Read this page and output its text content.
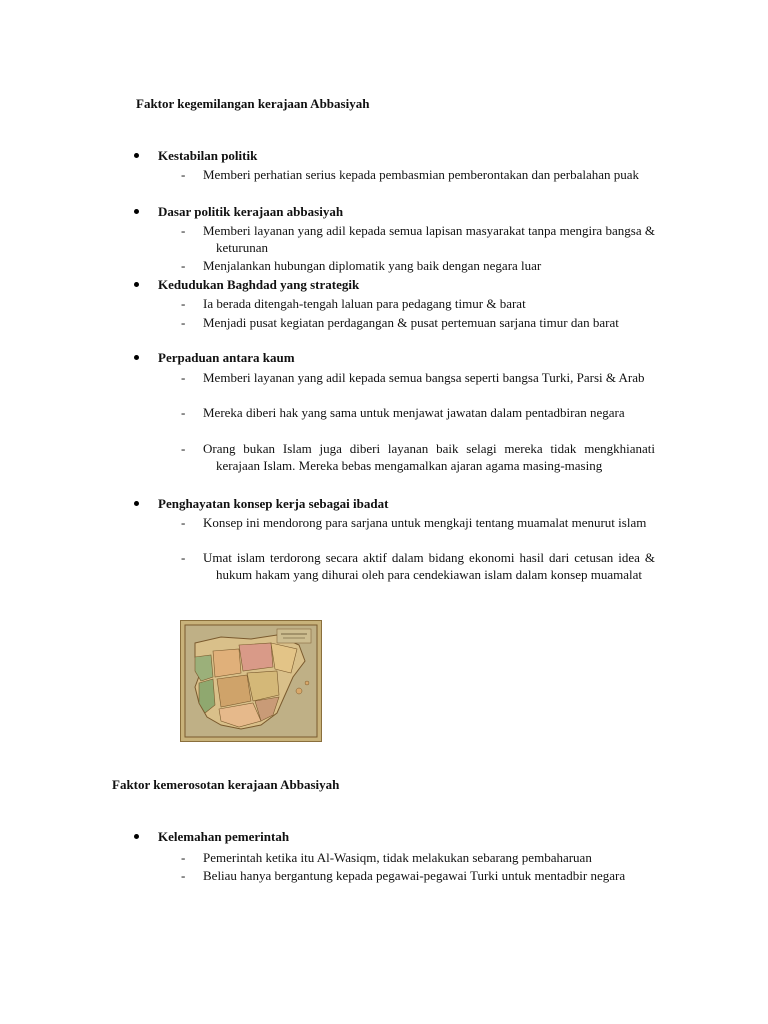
Faktor kegemilangan kerajaan Abbasiyah
Kestabilan politik
-	Memberi perhatian serius kepada pembasmian pemberontakan dan perbalahan puak
Dasar politik kerajaan abbasiyah
-	Memberi layanan yang adil kepada semua lapisan masyarakat tanpa mengira bangsa & keturunan
-	Menjalankan hubungan diplomatik yang baik dengan negara luar
Kedudukan Baghdad yang strategik
-	Ia berada ditengah-tengah laluan para pedagang timur & barat
-	Menjadi pusat kegiatan perdagangan & pusat pertemuan sarjana timur dan barat
Perpaduan antara kaum
-	Memberi layanan yang adil kepada semua bangsa seperti bangsa Turki, Parsi & Arab
-	Mereka diberi hak yang sama untuk menjawat jawatan dalam pentadbiran negara
-	Orang bukan Islam juga diberi layanan baik selagi mereka tidak mengkhianati kerajaan Islam. Mereka bebas mengamalkan ajaran agama masing-masing
Penghayatan konsep kerja sebagai ibadat
-	Konsep ini mendorong para sarjana untuk mengkaji tentang muamalat menurut islam
-	Umat islam terdorong secara aktif dalam bidang ekonomi hasil dari cetusan idea & hukum hakam yang dihurai oleh para cendekiawan islam dalam konsep muamalat
Faktor kemerosotan kerajaan Abbasiyah
Kelemahan pemerintah
-	Pemerintah ketika itu Al-Wasiqm, tidak melakukan sebarang pembaharuan
-	Beliau hanya bergantung kepada pegawai-pegawai Turki untuk mentadbir negara
